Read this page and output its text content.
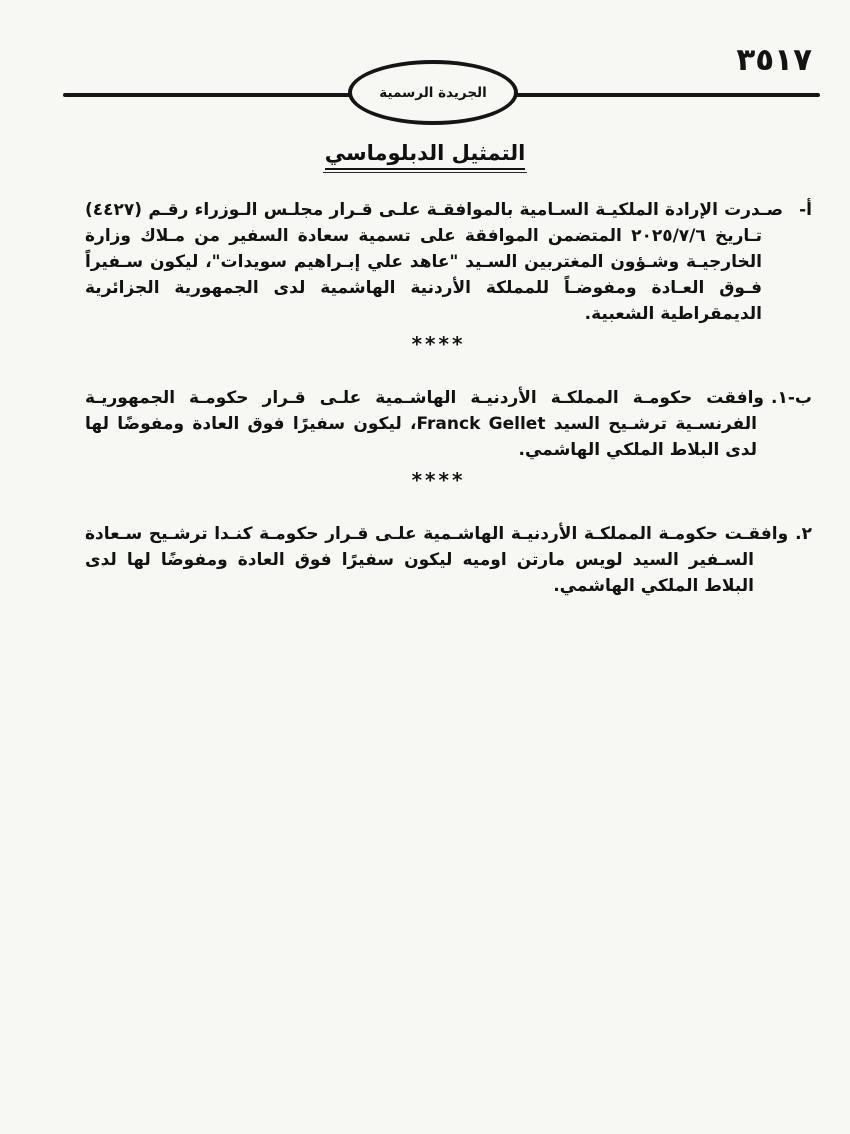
٣٥١٧
الجريدة الرسمية
التمثيل الدبلوماسي

أ-صـدرت الإرادة الملكيـة السـامية بالموافقـة علـى قـرار مجلـس الـوزراء رقـم (٤٤٢٧) تـاريخ ٢٠٢٥/٧/٦ المتضمن الموافقة على تسمية سعادة السفير من مـلاك وزارة الخارجيـة وشـؤون المغتربين السـيد "عاهد علي إبـراهيم سويدات"، ليكون سـفيراً فـوق العـادة ومفوضـاً للمملكة الأردنية الهاشمية لدى الجمهورية الجزائرية الديمقراطية الشعبية.

****

ب-١.وافقت حكومـة المملكـة الأردنيـة الهاشـمية علـى قـرار حكومـة الجمهوريـة الفرنسـية ترشـيح السيد Franck Gellet، ليكون سفيرًا فوق العادة ومفوضًا لها لدى البلاط الملكي الهاشمي.

****

٢.وافقـت حكومـة المملكـة الأردنيـة الهاشـمية علـى قـرار حكومـة كنـدا ترشـيح سـعادة السـفير السيد لويس مارتن اوميه ليكون سفيرًا فوق العادة ومفوضًا لها لدى البلاط الملكي الهاشمي.
